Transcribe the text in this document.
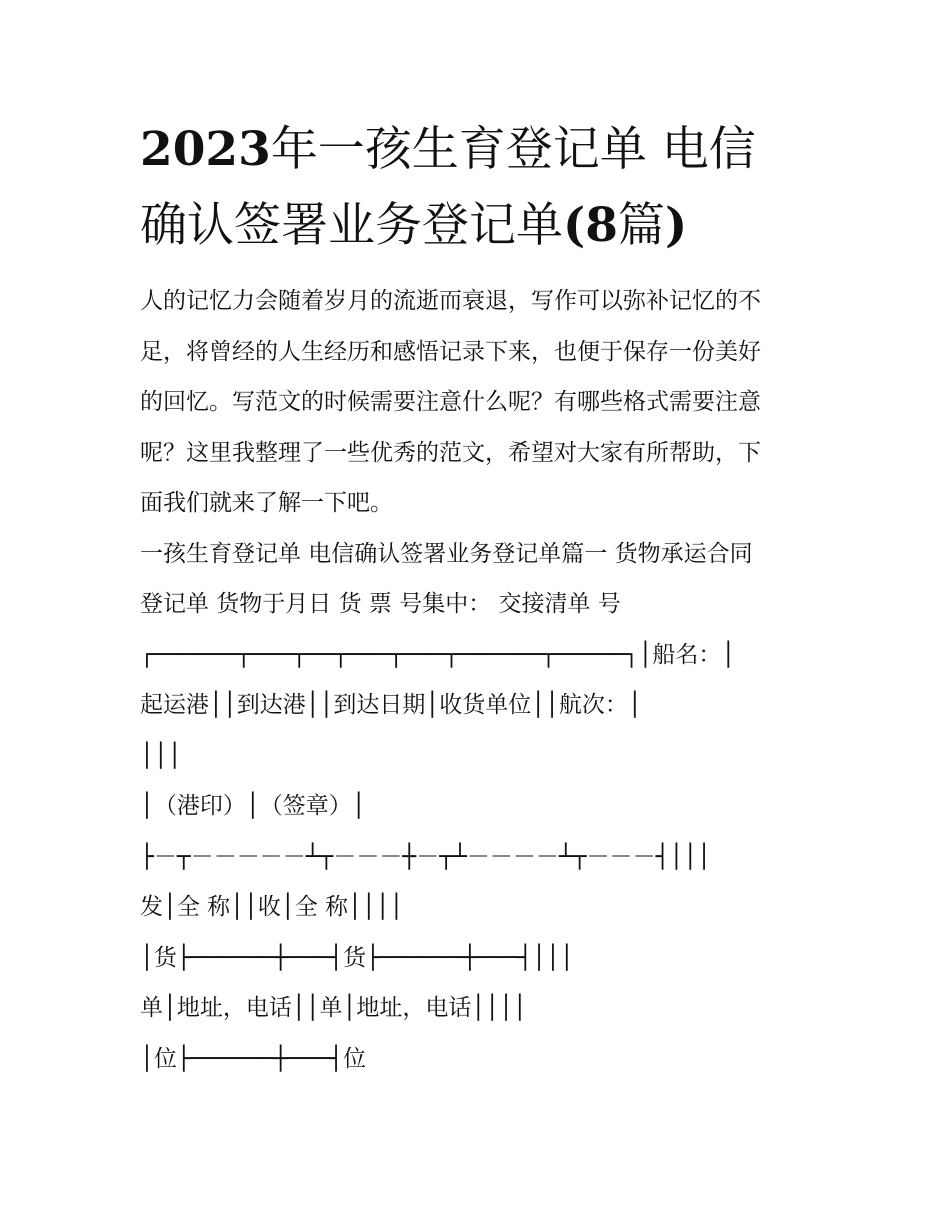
2023年一孩生育登记单 电信
确认签署业务登记单(8篇)
人的记忆力会随着岁月的流逝而衰退，写作可以弥补记忆的不
足，将曾经的人生经历和感悟记录下来，也便于保存一份美好
的回忆。写范文的时候需要注意什么呢？有哪些格式需要注意
呢？这里我整理了一些优秀的范文，希望对大家有所帮助，下
面我们就来了解一下吧。
一孩生育登记单 电信确认签署业务登记单篇一 货物承运合同
登记单 货物于月日 货 票 号集中： 交接清单 号
┌──────┬───┬──┬───┬───┬──────┬─────┐│船名：│
起运港││到达港││到达日期│收货单位││航次：│
│││
│（港印）│（签章）│
├－┬－－－－－┴┬－－－┼－┬┴－－－－┴┬－－－┤│││
发│全 称││收│全 称││││
│货├──────┼───┤货├──────┼───┤│││
单│地址，电话││单│地址，电话││││
│位├──────┼───┤位
